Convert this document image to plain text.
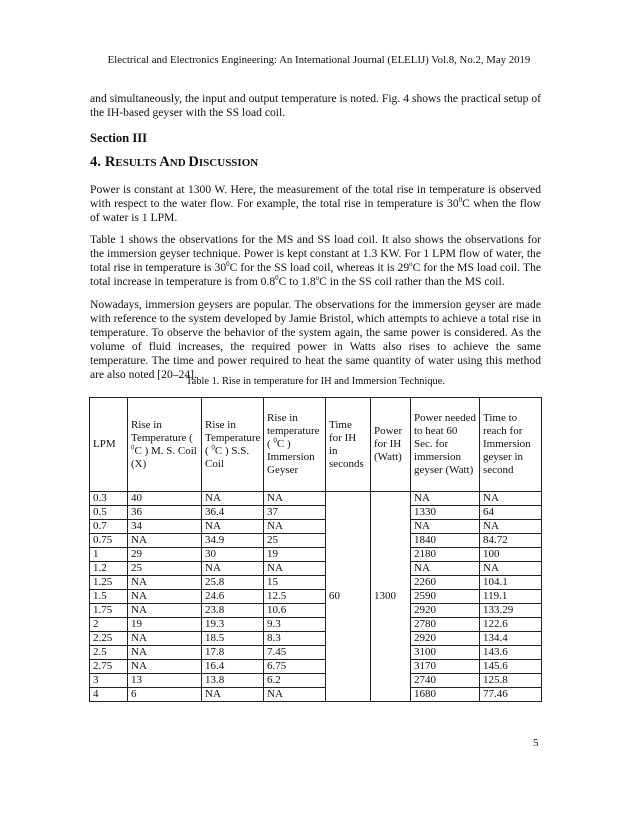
Electrical and Electronics Engineering: An International Journal (ELELIJ) Vol.8, No.2, May 2019

and simultaneously, the input and output temperature is noted. Fig. 4 shows the practical setup of the IH-based geyser with the SS load coil.

Section III
4. RESULTS AND DISCUSSION

Power is constant at 1300 W. Here, the measurement of the total rise in temperature is observed with respect to the water flow. For example, the total rise in temperature is $30^0C$ when the flow of water is 1 LPM.

Table 1 shows the observations for the MS and SS load coil. It also shows the observations for the immersion geyser technique. Power is kept constant at 1.3 KW. For 1 LPM flow of water, the total rise in temperature is $30^0C$ for the SS load coil, whereas it is 29$^o$C for the MS load coil. The total increase in temperature is from $0.8^0C$ to 1.8$^o$C in the SS coil rather than the MS coil.

Nowadays, immersion geysers are popular. The observations for the immersion geyser are made with reference to the system developed by Jamie Bristol, which attempts to achieve a total rise in temperature. To observe the behavior of the system again, the same power is considered. As the volume of fluid increases, the required power in Watts also rises to achieve the same temperature. The time and power required to heat the same quantity of water using this method are also noted [20–24].

Table 1. Rise in temperature for IH and Immersion Technique.
LPM	Rise in Temperature ( $^0$C ) M. S. Coil (X)	Rise in Temperature ( $^0$C ) S.S. Coil	Rise in temperature ( $^0$C ) Immersion Geyser	Time for IH in seconds	Power for IH (Watt)	Power needed to heat 60 Sec. for immersion geyser (Watt)	Time to reach for Immersion geyser in second
0.3	40	NA	NA	60	1300	NA	NA
0.5	36	36.4	37			1330	64
0.7	34	NA	NA			NA	NA
0.75	NA	34.9	25			1840	84.72
1	29	30	19			2180	100
1.2	25	NA	NA			NA	NA
1.25	NA	25.8	15			2260	104.1
1.5	NA	24.6	12.5			2590	119.1
1.75	NA	23.8	10.6			2920	133.29
2	19	19.3	9.3			2780	122.6
2.25	NA	18.5	8.3			2920	134.4
2.5	NA	17.8	7.45			3100	143.6
2.75	NA	16.4	6.75			3170	145.6
3	13	13.8	6.2			2740	125.8
4	6	NA	NA			1680	77.46
5
